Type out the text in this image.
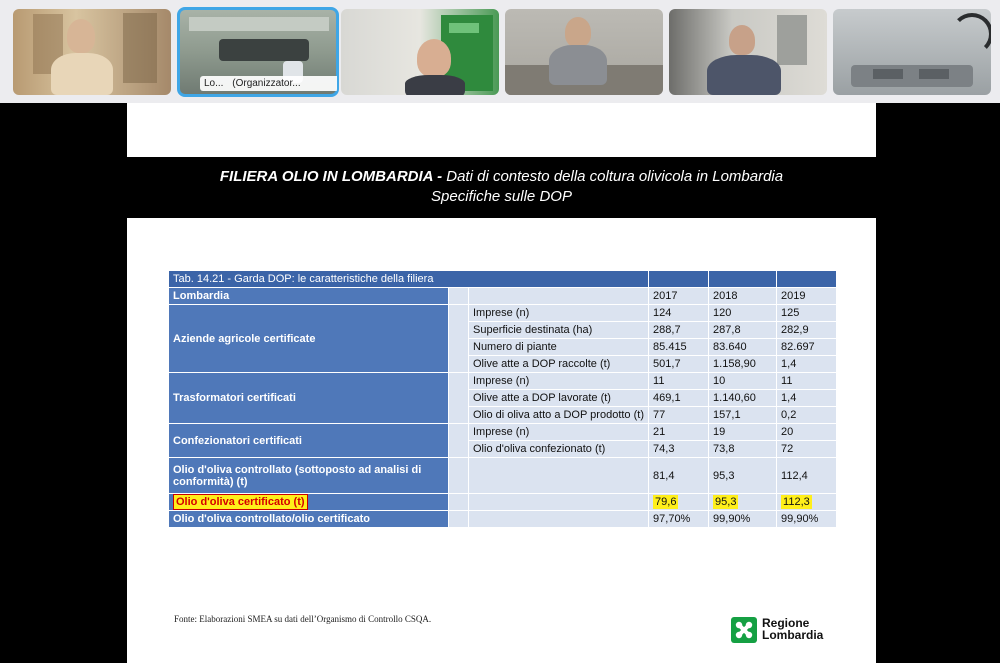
Lo... (Organizzator...
FILIERA OLIO IN LOMBARDIA - Dati di contesto della coltura olivicola in Lombardia
Specifiche sulle DOP
Tab. 14.21 - Garda DOP: le caratteristiche della filiera					
Lombardia			2017	2018	2019
Aziende agricole certificate		Imprese (n)	124	120	125
		Superficie destinata (ha)	288,7	287,8	282,9
		Numero di piante	85.415	83.640	82.697
		Olive atte a DOP raccolte (t)	501,7	1.158,90	1,4
Trasformatori certificati		Imprese (n)	11	10	11
		Olive atte a DOP lavorate (t)	469,1	1.140,60	1,4
		Olio di oliva atto a DOP prodotto (t)	77	157,1	0,2
Confezionatori certificati		Imprese (n)	21	19	20
		Olio d'oliva confezionato (t)	74,3	73,8	72
Olio d'oliva controllato (sottoposto ad analisi di conformità) (t)			81,4	95,3	112,4
Olio d'oliva certificato (t)			79,6	95,3	112,3
Olio d'oliva controllato/olio certificato			97,70%	99,90%	99,90%
Fonte: Elaborazioni SMEA su dati dell’Organismo di Controllo CSQA.	Regione
Lombardia
